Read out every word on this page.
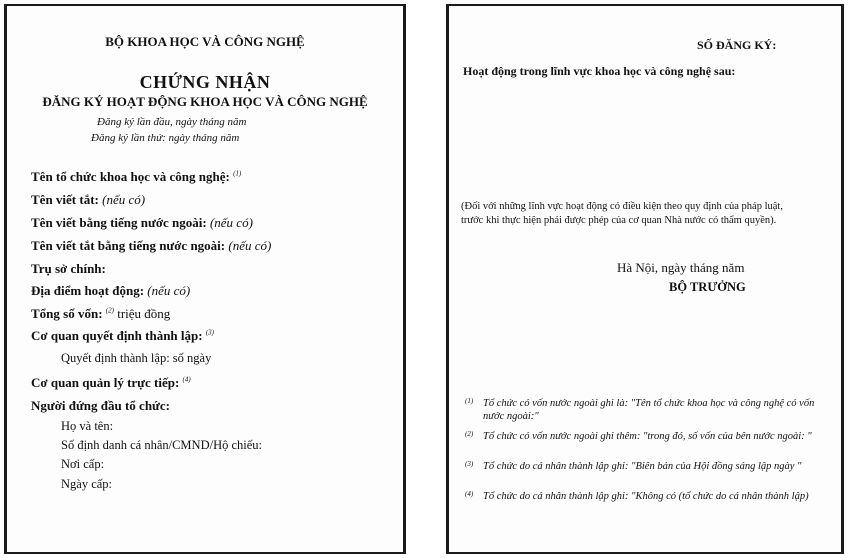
BỘ KHOA HỌC VÀ CÔNG NGHỆ
CHỨNG NHẬN
ĐĂNG KÝ HOẠT ĐỘNG KHOA HỌC VÀ CÔNG NGHỆ
Đăng ký lần đầu, ngày tháng năm
Đăng ký lần thứ: ngày tháng năm
Tên tổ chức khoa học và công nghệ: $^{(1)}$
Tên viết tắt: (nếu có)
Tên viết bằng tiếng nước ngoài: (nếu có)
Tên viết tắt bằng tiếng nước ngoài: (nếu có)
Trụ sở chính:
Địa điểm hoạt động: (nếu có)
Tổng số vốn: $^{(2)}$ triệu đồng
Cơ quan quyết định thành lập: $^{(3)}$
Quyết định thành lập: số ngày
Cơ quan quản lý trực tiếp: $^{(4)}$
Người đứng đầu tổ chức:
Họ và tên:
Số định danh cá nhân/CMND/Hộ chiếu:
Nơi cấp:
Ngày cấp:
SỐ ĐĂNG KÝ:
Hoạt động trong lĩnh vực khoa học và công nghệ sau:
(Đối với những lĩnh vực hoạt động có điều kiện theo quy định của pháp luật,
trước khi thực hiện phải được phép của cơ quan Nhà nước có thẩm quyền).
Hà Nội, ngày tháng năm
BỘ TRƯỞNG
(1) Tổ chức có vốn nước ngoài ghi là: "Tên tổ chức khoa học và công nghệ có vốn nước ngoài:"
(2) Tổ chức có vốn nước ngoài ghi thêm: "trong đó, số vốn của bên nước ngoài: "
(3) Tổ chức do cá nhân thành lập ghi: "Biên bản của Hội đồng sáng lập ngày "
(4) Tổ chức do cá nhân thành lập ghi: "Không có (tổ chức do cá nhân thành lập)
